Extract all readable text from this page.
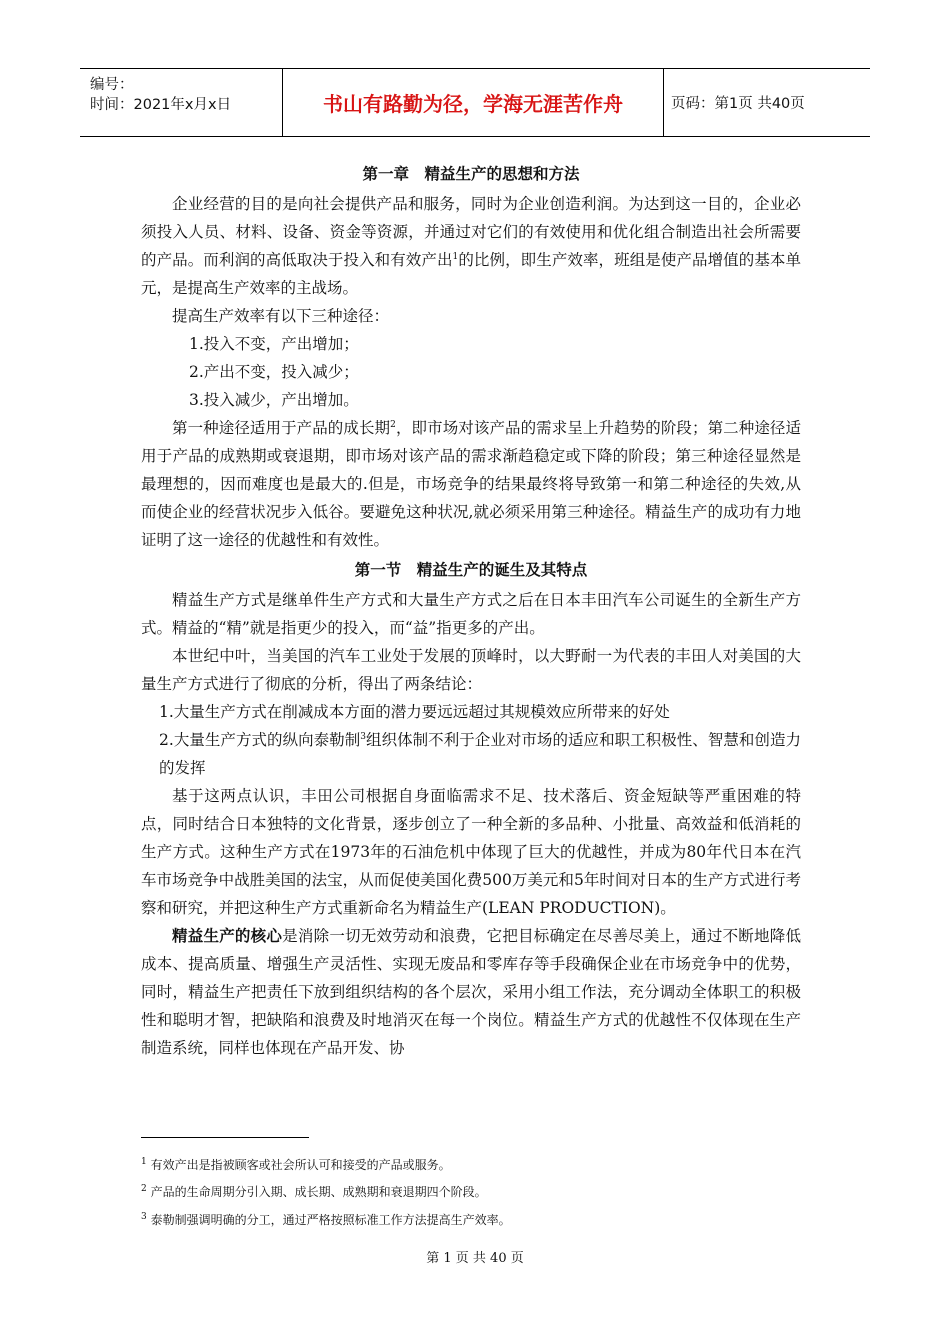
编号：
时间：2021年x月x日	书山有路勤为径，学海无涯苦作舟	页码：第1页 共40页
第一章　精益生产的思想和方法

企业经营的目的是向社会提供产品和服务，同时为企业创造利润。为达到这一目的，企业必须投入人员、材料、设备、资金等资源，并通过对它们的有效使用和优化组合制造出社会所需要的产品。而利润的高低取决于投入和有效产出$^1$的比例，即生产效率，班组是使产品增值的基本单元，是提高生产效率的主战场。

提高生产效率有以下三种途径：

1.投入不变，产出增加；

2.产出不变，投入减少；

3.投入减少，产出增加。

第一种途径适用于产品的成长期$^2$，即市场对该产品的需求呈上升趋势的阶段；第二种途径适用于产品的成熟期或衰退期，即市场对该产品的需求渐趋稳定或下降的阶段；第三种途径显然是最理想的，因而难度也是最大的.但是，市场竞争的结果最终将导致第一和第二种途径的失效,从而使企业的经营状况步入低谷。要避免这种状况,就必须采用第三种途径。精益生产的成功有力地证明了这一途径的优越性和有效性。

第一节　精益生产的诞生及其特点

精益生产方式是继单件生产方式和大量生产方式之后在日本丰田汽车公司诞生的全新生产方式。精益的“精”就是指更少的投入，而“益”指更多的产出。

本世纪中叶，当美国的汽车工业处于发展的顶峰时，以大野耐一为代表的丰田人对美国的大量生产方式进行了彻底的分析，得出了两条结论：

1.大量生产方式在削减成本方面的潜力要远远超过其规模效应所带来的好处

2.大量生产方式的纵向泰勒制$^3$组织体制不利于企业对市场的适应和职工积极性、智慧和创造力的发挥

基于这两点认识，丰田公司根据自身面临需求不足、技术落后、资金短缺等严重困难的特点，同时结合日本独特的文化背景，逐步创立了一种全新的多品种、小批量、高效益和低消耗的生产方式。这种生产方式在1973年的石油危机中体现了巨大的优越性，并成为80年代日本在汽车市场竞争中战胜美国的法宝，从而促使美国化费500万美元和5年时间对日本的生产方式进行考察和研究，并把这种生产方式重新命名为精益生产(LEAN PRODUCTION)。

精益生产的核心是消除一切无效劳动和浪费，它把目标确定在尽善尽美上，通过不断地降低成本、提高质量、增强生产灵活性、实现无废品和零库存等手段确保企业在市场竞争中的优势，同时，精益生产把责任下放到组织结构的各个层次，采用小组工作法，充分调动全体职工的积极性和聪明才智，把缺陷和浪费及时地消灭在每一个岗位。精益生产方式的优越性不仅体现在生产制造系统，同样也体现在产品开发、协

$^1$ 有效产出是指被顾客或社会所认可和接受的产品或服务。
$^2$ 产品的生命周期分引入期、成长期、成熟期和衰退期四个阶段。
$^3$ 泰勒制强调明确的分工，通过严格按照标准工作方法提高生产效率。
第 1 页 共 40 页
